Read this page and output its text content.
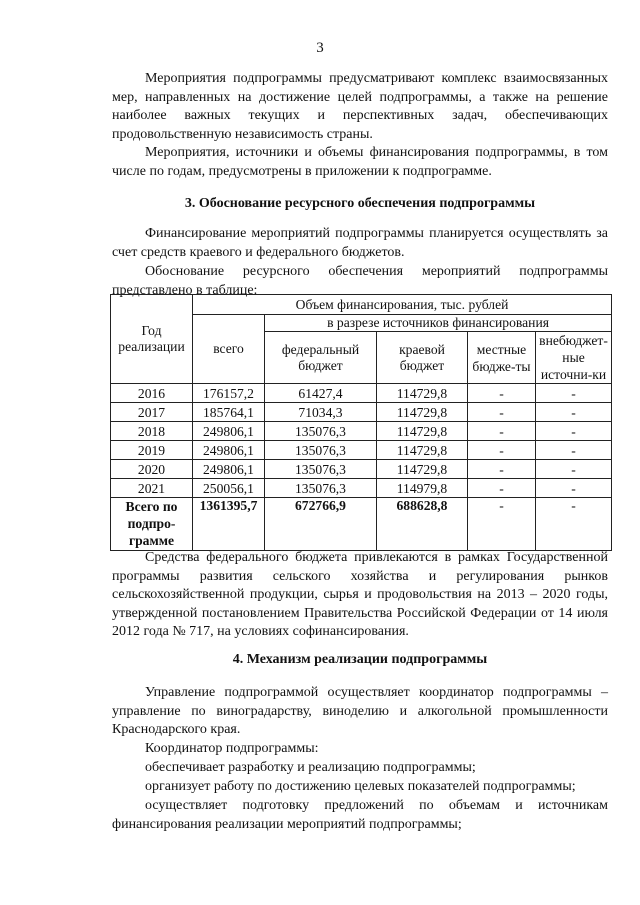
3

Мероприятия подпрограммы предусматривают комплекс взаимосвязанных мер, направленных на достижение целей подпрограммы, а также на решение наиболее важных текущих и перспективных задач, обеспечивающих продовольственную независимость страны.

Мероприятия, источники и объемы финансирования подпрограммы, в том числе по годам, предусмотрены в приложении к подпрограмме.

3. Обоснование ресурсного обеспечения подпрограммы

Финансирование мероприятий подпрограммы планируется осуществлять за счет средств краевого и федерального бюджетов.

Обоснование ресурсного обеспечения мероприятий подпрограммы представлено в таблице:

Год реализации	Объем финансирования, тыс. рублей				
	всего	в разрезе источников финансирования			
		федеральный бюджет	краевой бюджет	местные бюдже-ты	внебюджет-ные источни-ки
2016	176157,2	61427,4	114729,8	-	-
2017	185764,1	71034,3	114729,8	-	-
2018	249806,1	135076,3	114729,8	-	-
2019	249806,1	135076,3	114729,8	-	-
2020	249806,1	135076,3	114729,8	-	-
2021	250056,1	135076,3	114979,8	-	-
Всего по подпро-грамме	1361395,7	672766,9	688628,8	-	-

Средства федерального бюджета привлекаются в рамках Государственной программы развития сельского хозяйства и регулирования рынков сельскохозяйственной продукции, сырья и продовольствия на 2013 – 2020 годы, утвержденной постановлением Правительства Российской Федерации от 14 июля 2012 года № 717, на условиях софинансирования.

4. Механизм реализации подпрограммы

Управление подпрограммой осуществляет координатор подпрограммы – управление по виноградарству, виноделию и алкогольной промышленности Краснодарского края.

Координатор подпрограммы:

обеспечивает разработку и реализацию подпрограммы;

организует работу по достижению целевых показателей подпрограммы;

осуществляет подготовку предложений по объемам и источникам финансирования реализации мероприятий подпрограммы;
